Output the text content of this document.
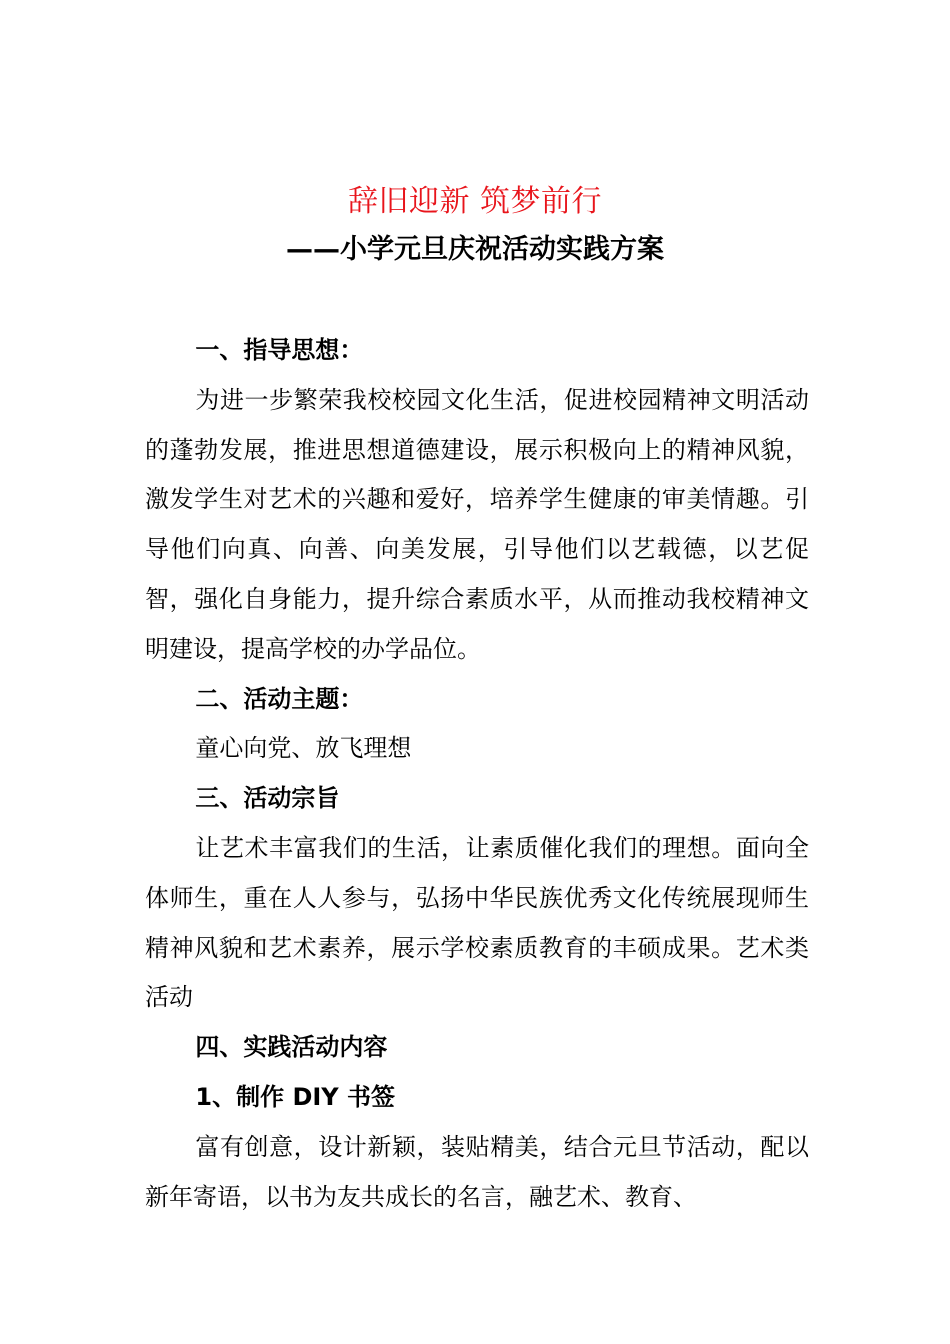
辞旧迎新 筑梦前行
——小学元旦庆祝活动实践方案

一、指导思想：

为进一步繁荣我校校园文化生活，促进校园精神文明活动的蓬勃发展，推进思想道德建设，展示积极向上的精神风貌，激发学生对艺术的兴趣和爱好，培养学生健康的审美情趣。引导他们向真、向善、向美发展，引导他们以艺载德，以艺促智，强化自身能力，提升综合素质水平，从而推动我校精神文明建设，提高学校的办学品位。

二、活动主题：

童心向党、放飞理想

三、活动宗旨

让艺术丰富我们的生活，让素质催化我们的理想。面向全体师生，重在人人参与，弘扬中华民族优秀文化传统展现师生精神风貌和艺术素养，展示学校素质教育的丰硕成果。艺术类活动

四、实践活动内容

1、制作 DIY 书签

富有创意，设计新颖，装贴精美，结合元旦节活动，配以新年寄语，以书为友共成长的名言，融艺术、教育、
